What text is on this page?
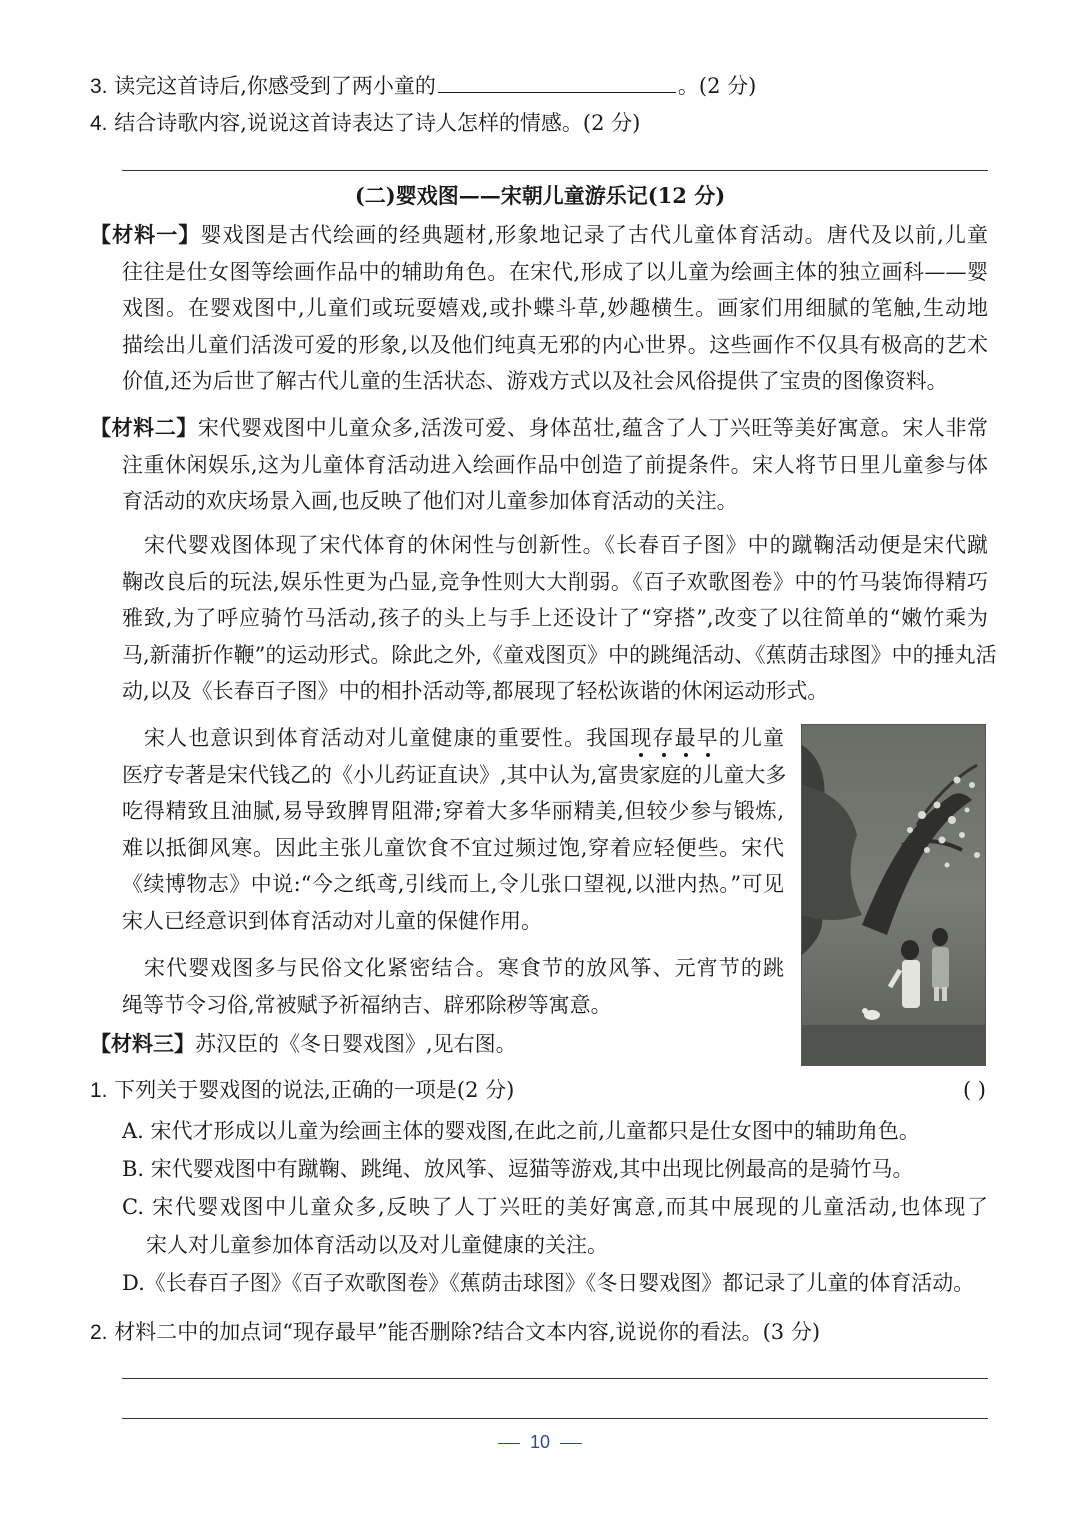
3. 读完这首诗后,你感受到了两小童的	。(2 分)
4. 结合诗歌内容,说说这首诗表达了诗人怎样的情感。(2 分)
(二)婴戏图——宋朝儿童游乐记(12 分)
【材料一】婴戏图是古代绘画的经典题材,形象地记录了古代儿童体育活动。唐代及以前,儿童
往往是仕女图等绘画作品中的辅助角色。在宋代,形成了以儿童为绘画主体的独立画科——婴
戏图。在婴戏图中,儿童们或玩耍嬉戏,或扑蝶斗草,妙趣横生。画家们用细腻的笔触,生动地
描绘出儿童们活泼可爱的形象,以及他们纯真无邪的内心世界。这些画作不仅具有极高的艺术
价值,还为后世了解古代儿童的生活状态、游戏方式以及社会风俗提供了宝贵的图像资料。
【材料二】宋代婴戏图中儿童众多,活泼可爱、身体茁壮,蕴含了人丁兴旺等美好寓意。宋人非常
注重休闲娱乐,这为儿童体育活动进入绘画作品中创造了前提条件。宋人将节日里儿童参与体
育活动的欢庆场景入画,也反映了他们对儿童参加体育活动的关注。
宋代婴戏图体现了宋代体育的休闲性与创新性。《长春百子图》中的蹴鞠活动便是宋代蹴
鞠改良后的玩法,娱乐性更为凸显,竞争性则大大削弱。《百子欢歌图卷》中的竹马装饰得精巧
雅致,为了呼应骑竹马活动,孩子的头上与手上还设计了“穿搭”,改变了以往简单的“嫩竹乘为
马,新蒲折作鞭”的运动形式。除此之外,《童戏图页》中的跳绳活动、《蕉荫击球图》中的捶丸活
动,以及《长春百子图》中的相扑活动等,都展现了轻松诙谐的休闲运动形式。
宋人也意识到体育活动对儿童健康的重要性。我国现存最早的儿童
医疗专著是宋代钱乙的《小儿药证直诀》,其中认为,富贵家庭的儿童大多
吃得精致且油腻,易导致脾胃阻滞;穿着大多华丽精美,但较少参与锻炼,
难以抵御风寒。因此主张儿童饮食不宜过频过饱,穿着应轻便些。宋代
《续博物志》中说:“今之纸鸢,引线而上,令儿张口望视,以泄内热。”可见
宋人已经意识到体育活动对儿童的保健作用。
宋代婴戏图多与民俗文化紧密结合。寒食节的放风筝、元宵节的跳
绳等节令习俗,常被赋予祈福纳吉、辟邪除秽等寓意。
【材料三】苏汉臣的《冬日婴戏图》,见右图。
1. 下列关于婴戏图的说法,正确的一项是(2 分)	( )
A. 宋代才形成以儿童为绘画主体的婴戏图,在此之前,儿童都只是仕女图中的辅助角色。
B. 宋代婴戏图中有蹴鞠、跳绳、放风筝、逗猫等游戏,其中出现比例最高的是骑竹马。
C. 宋代婴戏图中儿童众多,反映了人丁兴旺的美好寓意,而其中展现的儿童活动,也体现了
宋人对儿童参加体育活动以及对儿童健康的关注。
D.《长春百子图》《百子欢歌图卷》《蕉荫击球图》《冬日婴戏图》都记录了儿童的体育活动。
2. 材料二中的加点词“现存最早”能否删除?结合文本内容,说说你的看法。(3 分)
10
